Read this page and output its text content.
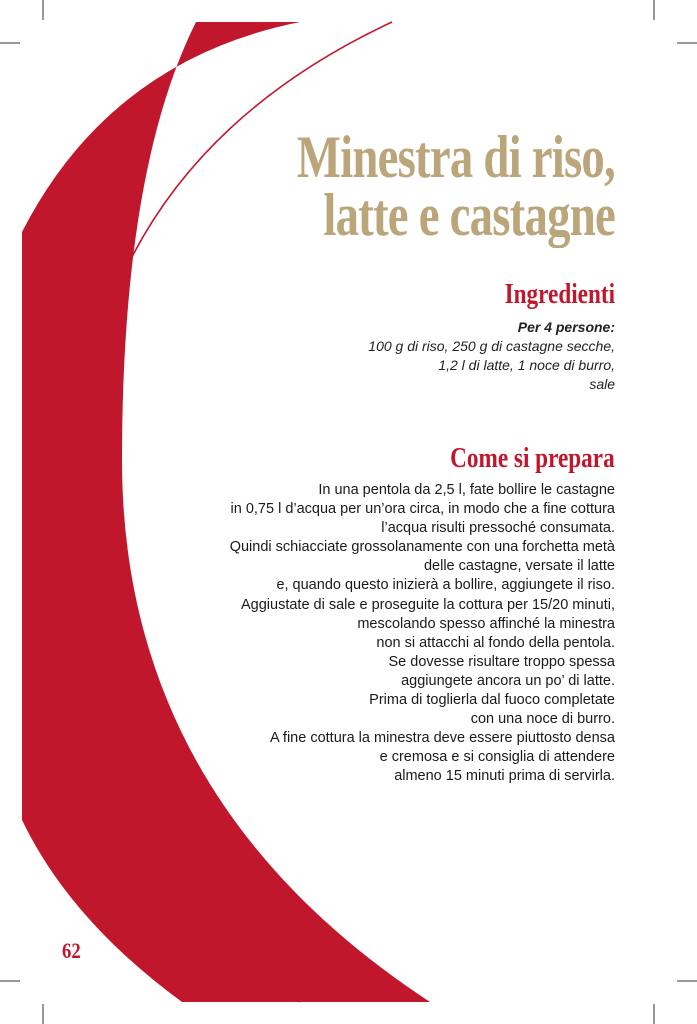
Minestra di riso,
latte e castagne
Ingredienti
Per 4 persone:
100 g di riso, 250 g di castagne secche,
1,2 l di latte, 1 noce di burro,
sale
Come si prepara
In una pentola da 2,5 l, fate bollire le castagne
in 0,75 l d’acqua per un’ora circa, in modo che a fine cottura
l’acqua risulti pressoché consumata.
Quindi schiacciate grossolanamente con una forchetta metà
delle castagne, versate il latte
e, quando questo inizierà a bollire, aggiungete il riso.
Aggiustate di sale e proseguite la cottura per 15/20 minuti,
mescolando spesso affinché la minestra
non si attacchi al fondo della pentola.
Se dovesse risultare troppo spessa
aggiungete ancora un po’ di latte.
Prima di toglierla dal fuoco completate
con una noce di burro.
A fine cottura la minestra deve essere piuttosto densa
e cremosa e si consiglia di attendere
almeno 15 minuti prima di servirla.
62
